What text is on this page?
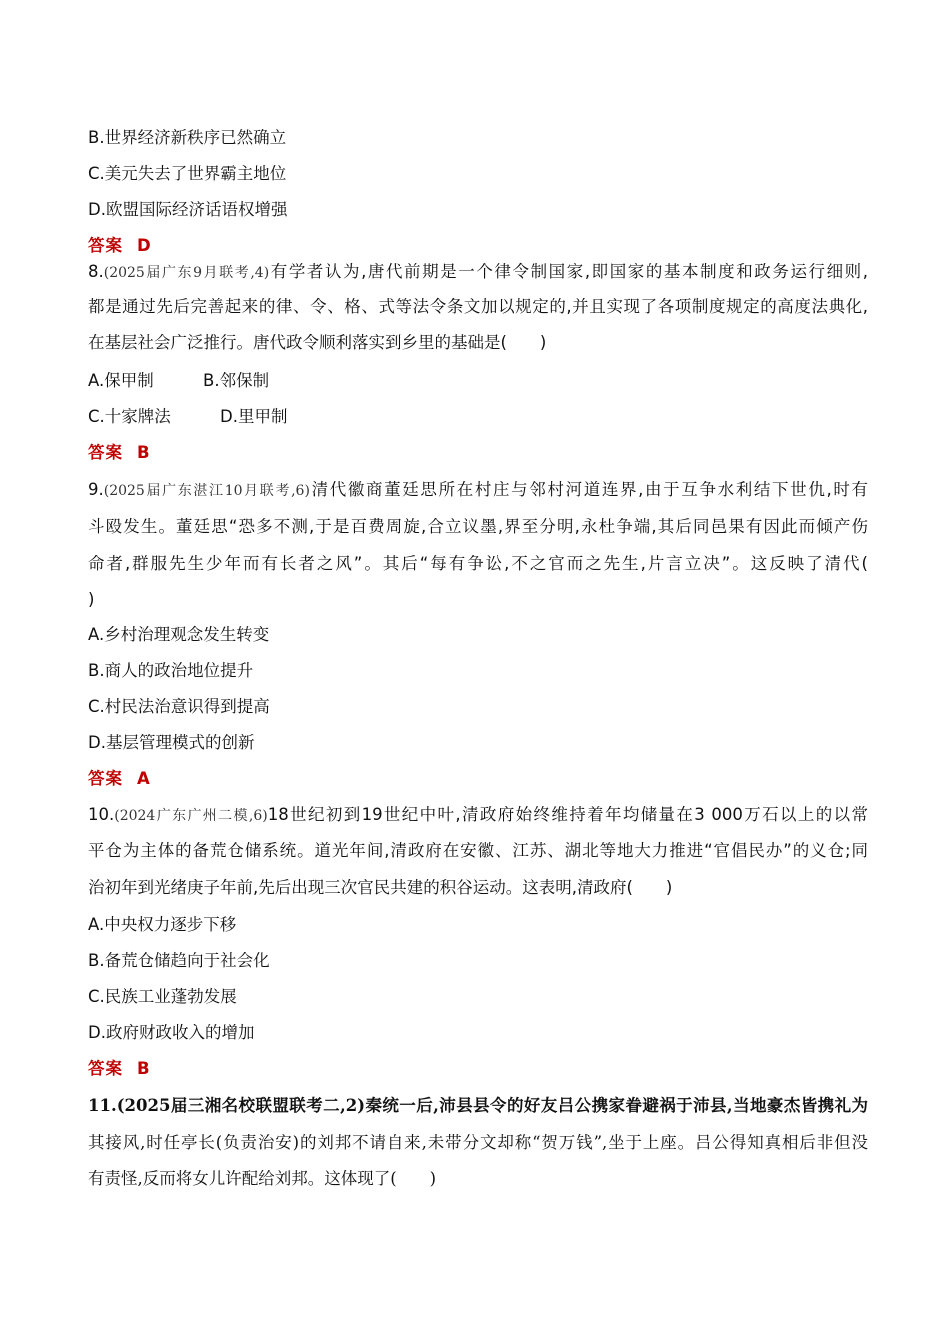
B.世界经济新秩序已然确立
C.美元失去了世界霸主地位
D.欧盟国际经济话语权增强
答案 D
8.(2025届广东9月联考,4)有学者认为,唐代前期是一个律令制国家,即国家的基本制度和政务运行细则,
都是通过先后完善起来的律、令、格、式等法令条文加以规定的,并且实现了各项制度规定的高度法典化,
在基层社会广泛推行。唐代政令顺利落实到乡里的基础是(　　)
A.保甲制	B.邻保制
C.十家牌法	D.里甲制
答案 B
9.(2025届广东湛江10月联考,6)清代徽商董廷思所在村庄与邻村河道连界,由于互争水利结下世仇,时有
斗殴发生。董廷思“恐多不测,于是百费周旋,合立议墨,界至分明,永杜争端,其后同邑果有因此而倾产伤
命者,群服先生少年而有长者之风”。其后“每有争讼,不之官而之先生,片言立决”。这反映了清代(
)
A.乡村治理观念发生转变
B.商人的政治地位提升
C.村民法治意识得到提高
D.基层管理模式的创新
答案 A
10.(2024广东广州二模,6)18世纪初到19世纪中叶,清政府始终维持着年均储量在3 000万石以上的以常
平仓为主体的备荒仓储系统。道光年间,清政府在安徽、江苏、湖北等地大力推进“官倡民办”的义仓;同
治初年到光绪庚子年前,先后出现三次官民共建的积谷运动。这表明,清政府(　　)
A.中央权力逐步下移
B.备荒仓储趋向于社会化
C.民族工业蓬勃发展
D.政府财政收入的增加
答案 B
11.(2025届三湘名校联盟联考二,2)秦统一后,沛县县令的好友吕公携家眷避祸于沛县,当地豪杰皆携礼为
其接风,时任亭长(负责治安)的刘邦不请自来,未带分文却称“贺万钱”,坐于上座。吕公得知真相后非但没
有责怪,反而将女儿许配给刘邦。这体现了(　　)
